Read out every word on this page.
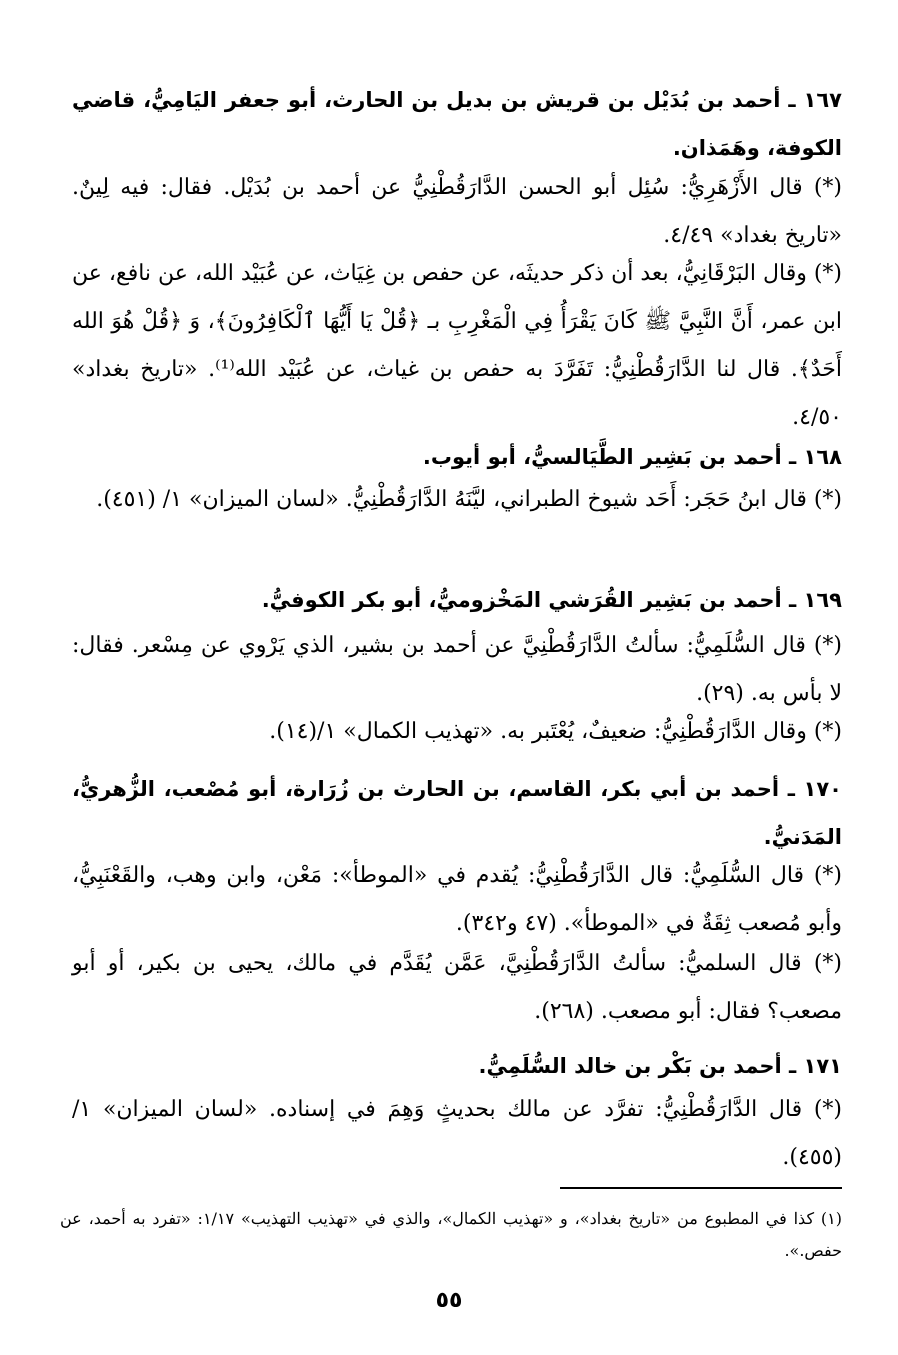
١٦٧ ـ أحمد بن بُدَيْل بن قريش بن بديل بن الحارث، أبو جعفر اليَامِيُّ، قاضي الكوفة، وهَمَذان.

(*) قال الأَزْهَرِيُّ: سُئِل أبو الحسن الدَّارَقُطْنِيُّ عن أحمد بن بُدَيْل. فقال: فيه لِينٌ. «تاريخ بغداد» ٤/٤٩.

(*) وقال البَرْقَانِيُّ، بعد أن ذكر حديثَه، عن حفص بن غِيَاث، عن عُبَيْد الله، عن نافع، عن ابن عمر، أَنَّ النَّبِيَّ ﷺ كَانَ يَقْرَأُ فِي الْمَغْرِبِ بـ ﴿قُلْ يَا أَيُّهَا ٱلْكَافِرُونَ﴾، وَ ﴿قُلْ هُوَ الله أَحَدٌ﴾. قال لنا الدَّارَقُطْنِيُّ: تَفَرَّدَ به حفص بن غياث، عن عُبَيْد الله⁽¹⁾. «تاريخ بغداد» ٤/٥٠.

١٦٨ ـ أحمد بن بَشِير الطَّيَالسيُّ، أبو أيوب.

(*) قال ابنُ حَجَر: أَحَد شيوخ الطبراني، ليَّنَهُ الدَّارَقُطْنِيُّ. «لسان الميزان» ١/ (٤٥١).

١٦٩ ـ أحمد بن بَشِير القُرَشي المَخْزوميُّ، أبو بكر الكوفيُّ.

(*) قال السُّلَمِيُّ: سألتُ الدَّارَقُطْنِيَّ عن أحمد بن بشير، الذي يَرْوي عن مِسْعر. فقال: لا بأس به. (٢٩).

(*) وقال الدَّارَقُطْنِيُّ: ضعيفٌ، يُعْتَبر به. «تهذيب الكمال» ١/(١٤).

١٧٠ ـ أحمد بن أبي بكر، القاسم، بن الحارث بن زُرَارة، أبو مُصْعب، الزُّهريُّ، المَدَنيُّ.

(*) قال السُّلَمِيُّ: قال الدَّارَقُطْنِيُّ: يُقدم في «الموطأ»: مَعْن، وابن وهب، والقَعْنَبِيُّ، وأبو مُصعب ثِقَةٌ في «الموطأ». (٤٧ و٣٤٢).

(*) قال السلميُّ: سألتُ الدَّارَقُطْنِيَّ، عَمَّن يُقَدَّم في مالك، يحيى بن بكير، أو أبو مصعب؟ فقال: أبو مصعب. (٢٦٨).

١٧١ ـ أحمد بن بَكْر بن خالد السُّلَمِيُّ.

(*) قال الدَّارَقُطْنِيُّ: تفرَّد عن مالك بحديثٍ وَهِمَ في إسناده. «لسان الميزان» ١/ (٤٥٥).

(١) كذا في المطبوع من «تاريخ بغداد»، و «تهذيب الكمال»، والذي في «تهذيب التهذيب» ١/١٧: «تفرد به أحمد، عن حفص.».

٥٥
